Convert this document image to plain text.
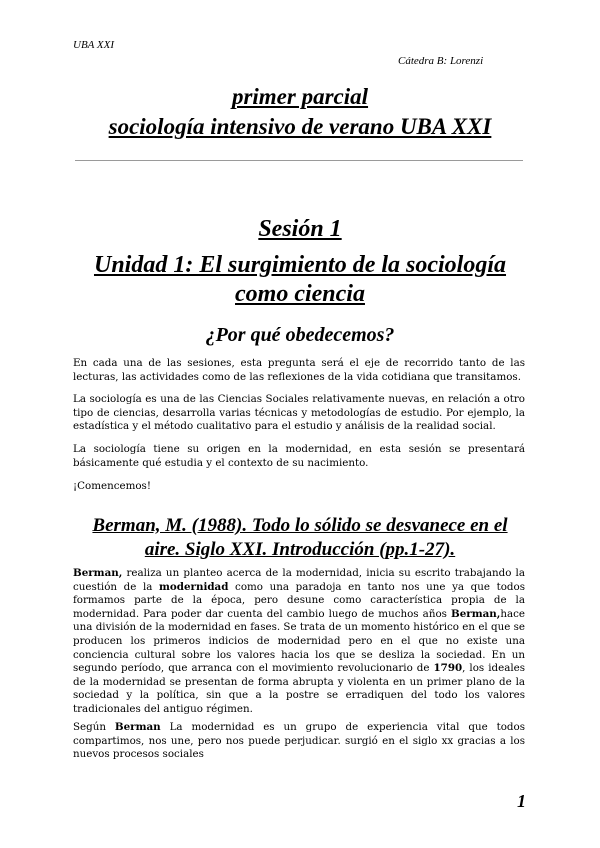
UBA XXI
Cátedra B: Lorenzi
primer parcial
sociología intensivo de verano UBA XXI
Sesión 1
Unidad 1: El surgimiento de la sociología
como ciencia
¿Por qué obedecemos?
En cada una de las sesiones, esta pregunta será el eje de recorrido tanto de las lecturas, las actividades como de las reflexiones de la vida cotidiana que transitamos.
La sociología es una de las Ciencias Sociales relativamente nuevas, en relación a otro tipo de ciencias, desarrolla varias técnicas y metodologías de estudio. Por ejemplo, la estadística y el método cualitativo para el estudio y análisis de la realidad social.
La sociología tiene su origen en la modernidad, en esta sesión se presentará básicamente qué estudia y el contexto de su nacimiento.
¡Comencemos!
Berman, M. (1988). Todo lo sólido se desvanece en el
aire. Siglo XXI. Introducción (pp.1-27).
Berman, realiza un planteo acerca de la modernidad, inicia su escrito trabajando la cuestión de la modernidad como una paradoja en tanto nos une ya que todos formamos parte de la época, pero desune como característica propia de la modernidad. Para poder dar cuenta del cambio luego de muchos años Berman,hace una división de la modernidad en fases. Se trata de un momento histórico en el que se producen los primeros indicios de modernidad pero en el que no existe una conciencia cultural sobre los valores hacia los que se desliza la sociedad. En un segundo período, que arranca con el movimiento revolucionario de 1790, los ideales de la modernidad se presentan de forma abrupta y violenta en un primer plano de la sociedad y la política, sin que a la postre se erradiquen del todo los valores tradicionales del antiguo régimen.
Según Berman La modernidad es un grupo de experiencia vital que todos compartimos, nos une, pero nos puede perjudicar. surgió en el siglo xx gracias a los nuevos procesos sociales
1
